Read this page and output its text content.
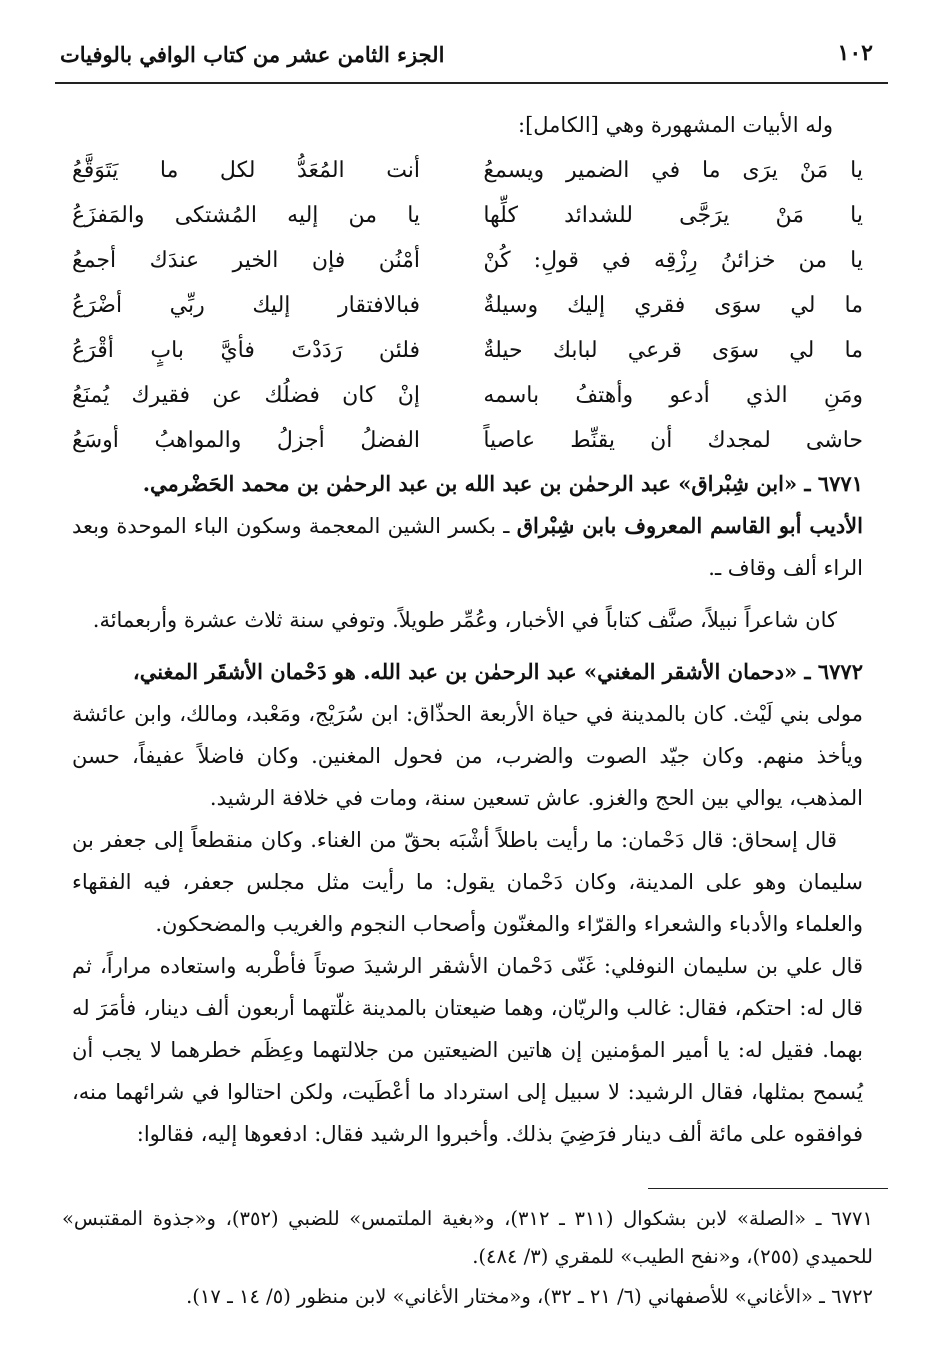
١٠٢
الجزء الثامن عشر من كتاب الوافي بالوفيات

وله الأبيات المشهورة وهي [الكامل]:

يا مَنْ يرَى ما في الضمير ويسمعُ
أنت المُعَدُّ لكل ما يَتَوَقَّعُ
يا مَنْ يرَجَّى للشدائد كلِّها
يا من إليه المُشتكى والمَفزَعُ
يا من خزائنُ رِزْقِه في قولِ: كُنْ
أمْنُن فإن الخير عندَك أجمعُ
ما لي سوَى فقري إليك وسيلةٌ
فبالافتقار إليك ربِّي أضْرَعُ
ما لي سوَى قرعي لبابك حيلةٌ
فلئن رَدَدْتَ فأيَّ بابٍ أقْرَعُ
ومَنِ الذي أدعو وأهتفُ باسمه
إنْ كان فضلُك عن فقيرك يُمنَعُ
حاشى لمجدك أن يقنِّط عاصياً
الفضلُ أجزلُ والمواهبُ أوسَعُ

٦٧٧١ ـ «ابن شِبْراق» عبد الرحمٰن بن عبد الله بن عبد الرحمٰن بن محمد الحَضْرمي.

الأديب أبو القاسم المعروف بابن شِبْراق ـ بكسر الشين المعجمة وسكون الباء الموحدة وبعد الراء ألف وقاف ـ.

كان شاعراً نبيلاً، صنَّف كتاباً في الأخبار، وعُمِّر طويلاً. وتوفي سنة ثلاث عشرة وأربعمائة.

٦٧٧٢ ـ «دحمان الأشقر المغني» عبد الرحمٰن بن عبد الله. هو دَحْمان الأشقَر المغني،

مولى بني لَيْث. كان بالمدينة في حياة الأربعة الحذّاق: ابن سُرَيْج، ومَعْبد، ومالك، وابن عائشة ويأخذ منهم. وكان جيّد الصوت والضرب، من فحول المغنين. وكان فاضلاً عفيفاً، حسن المذهب، يوالي بين الحج والغزو. عاش تسعين سنة، ومات في خلافة الرشيد.

قال إسحاق: قال دَحْمان: ما رأيت باطلاً أشْبَه بحقّ من الغناء. وكان منقطعاً إلى جعفر بن سليمان وهو على المدينة، وكان دَحْمان يقول: ما رأيت مثل مجلس جعفر، فيه الفقهاء والعلماء والأدباء والشعراء والقرّاء والمغنّون وأصحاب النجوم والغريب والمضحكون.

قال علي بن سليمان النوفلي: غَنّى دَحْمان الأشقر الرشيدَ صوتاً فأطْربه واستعاده مراراً، ثم قال له: احتكم، فقال: غالب والريّان، وهما ضيعتان بالمدينة غلّتهما أربعون ألف دينار، فأمَرَ له بهما. فقيل له: يا أمير المؤمنين إن هاتين الضيعتين من جلالتهما وعِظَم خطرهما لا يجب أن يُسمح بمثلها، فقال الرشيد: لا سبيل إلى استرداد ما أعْطَيت، ولكن احتالوا في شرائهما منه، فوافقوه على مائة ألف دينار فرَضِيَ بذلك. وأخبروا الرشيد فقال: ادفعوها إليه، فقالوا:

٦٧٧١ ـ «الصلة» لابن بشكوال (٣١١ ـ ٣١٢)، و«بغية الملتمس» للضبي (٣٥٢)، و«جذوة المقتبس» للحميدي (٢٥٥)، و«نفح الطيب» للمقري (٣/ ٤٨٤).

٦٧٢٢ ـ «الأغاني» للأصفهاني (٦/ ٢١ ـ ٣٢)، و«مختار الأغاني» لابن منظور (٥/ ١٤ ـ ١٧).
